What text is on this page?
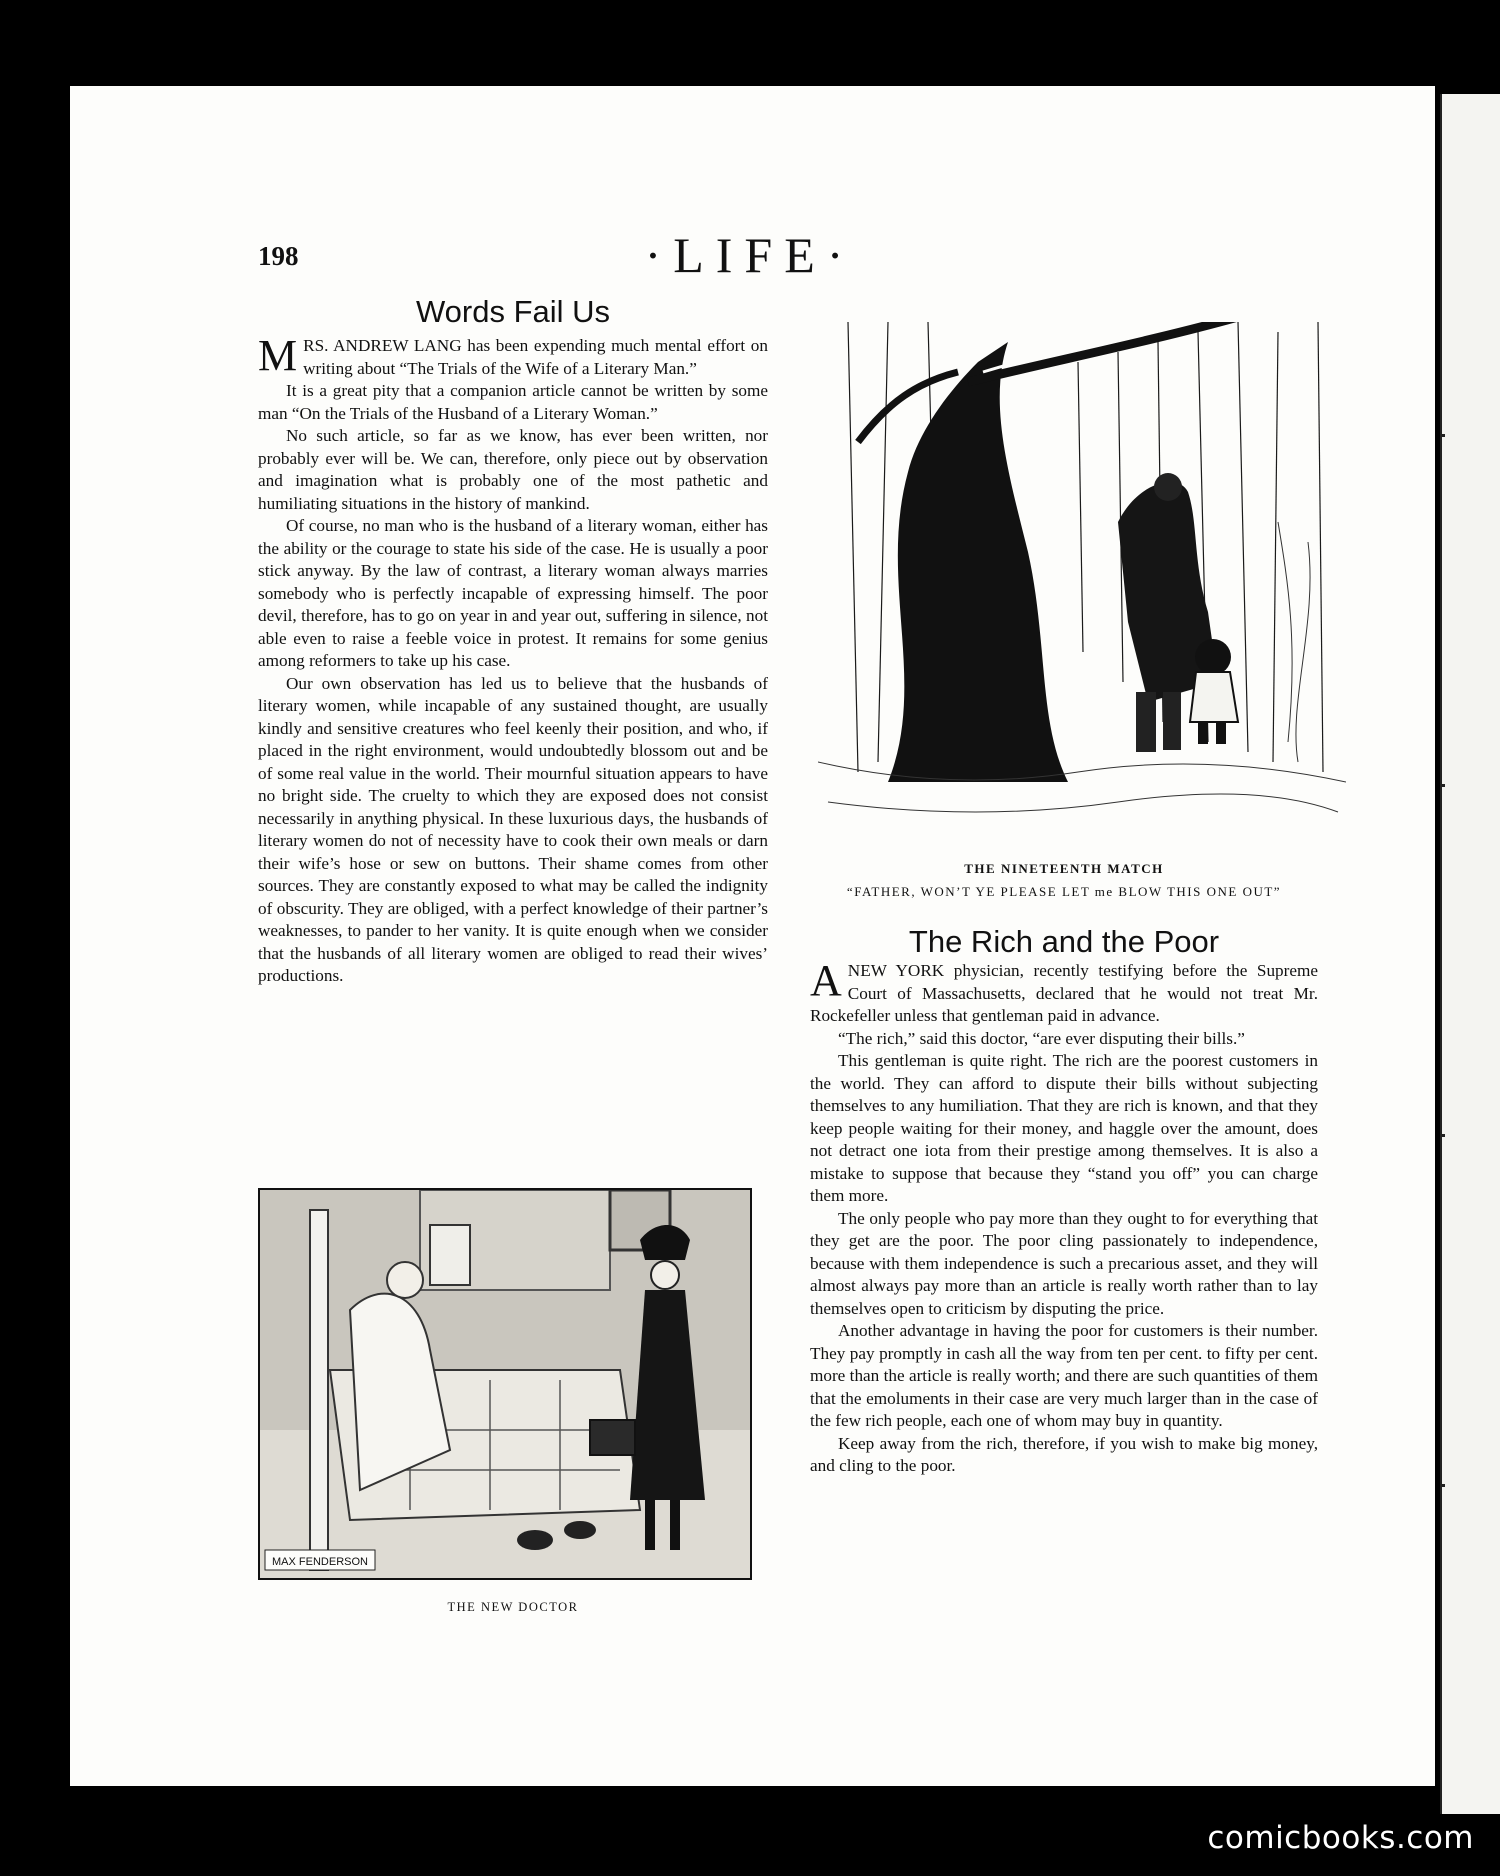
198	·LIFE·
Words Fail Us

MRS. ANDREW LANG has been expending much mental effort on writing about “The Trials of the Wife of a Literary Man.”

It is a great pity that a companion article cannot be written by some man “On the Trials of the Husband of a Literary Woman.”

No such article, so far as we know, has ever been written, nor probably ever will be. We can, therefore, only piece out by observation and imagination what is probably one of the most pathetic and humiliating situations in the history of mankind.

Of course, no man who is the husband of a literary woman, either has the ability or the courage to state his side of the case. He is usually a poor stick anyway. By the law of contrast, a literary woman always marries somebody who is perfectly incapable of expressing himself. The poor devil, therefore, has to go on year in and year out, suffering in silence, not able even to raise a feeble voice in protest. It remains for some genius among reformers to take up his case.

Our own observation has led us to believe that the husbands of literary women, while incapable of any sustained thought, are usually kindly and sensitive creatures who feel keenly their position, and who, if placed in the right environment, would undoubtedly blossom out and be of some real value in the world. Their mournful situation appears to have no bright side. The cruelty to which they are exposed does not consist necessarily in anything physical. In these luxurious days, the husbands of literary women do not of necessity have to cook their own meals or darn their wife’s hose or sew on buttons. Their shame comes from other sources. They are constantly exposed to what may be called the indignity of obscurity. They are obliged, with a perfect knowledge of their partner’s weaknesses, to pander to her vanity. It is quite enough when we consider that the husbands of all literary women are obliged to read their wives’ productions.

THE NINETEENTH MATCH
“FATHER, WON’T YE PLEASE LET me BLOW THIS ONE OUT”
The Rich and the Poor

ANEW YORK physician, recently testifying before the Supreme Court of Massachusetts, declared that he would not treat Mr. Rockefeller unless that gentleman paid in advance.

“The rich,” said this doctor, “are ever disputing their bills.”

This gentleman is quite right. The rich are the poorest customers in the world. They can afford to dispute their bills without subjecting themselves to any humiliation. That they are rich is known, and that they keep people waiting for their money, and haggle over the amount, does not detract one iota from their prestige among themselves. It is also a mistake to suppose that because they “stand you off” you can charge them more.

The only people who pay more than they ought to for everything that they get are the poor. The poor cling passionately to independence, because with them independence is such a precarious asset, and they will almost always pay more than an article is really worth rather than to lay themselves open to criticism by disputing the price.

Another advantage in having the poor for customers is their number. They pay promptly in cash all the way from ten per cent. to fifty per cent. more than the article is really worth; and there are such quantities of them that the emoluments in their case are very much larger than in the case of the few rich people, each one of whom may buy in quantity.

Keep away from the rich, therefore, if you wish to make big money, and cling to the poor.

MAX FENDERSON
THE NEW DOCTOR
comicbooks.com
